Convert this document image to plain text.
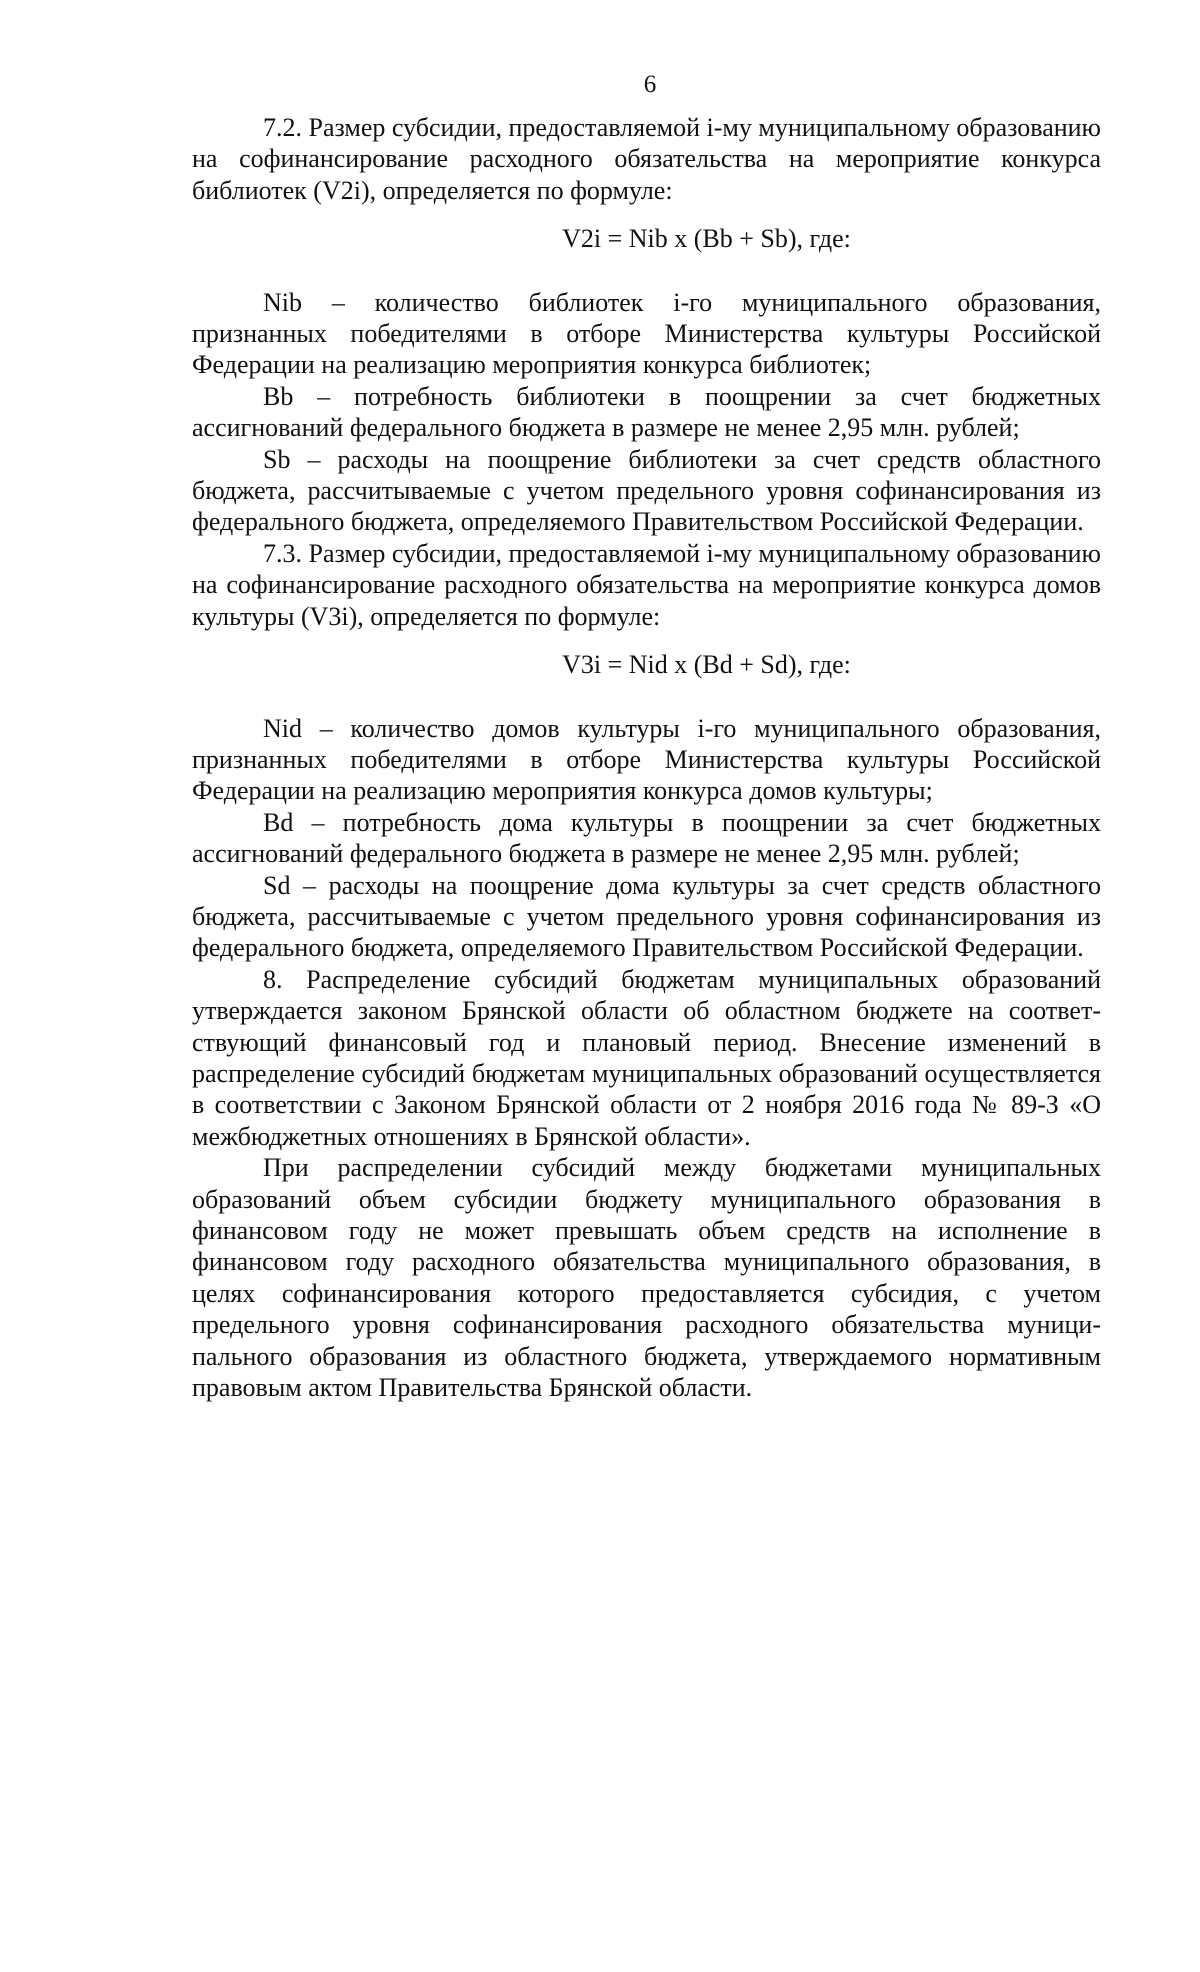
6

7.2. Размер субсидии, предоставляемой i-му муниципальному образованию на софинансирование расходного обязательства на мероприятие конкурса библиотек (V2i), определяется по формуле:

V2i = Nib x (Bb + Sb), где:

Nib – количество библиотек i-го муниципального образования, признанных победителями в отборе Министерства культуры Российской Федерации на реализацию мероприятия конкурса библиотек;

Bb – потребность библиотеки в поощрении за счет бюджетных ассигнований федерального бюджета в размере не менее 2,95 млн. рублей;

Sb – расходы на поощрение библиотеки за счет средств областного бюджета, рассчитываемые с учетом предельного уровня софинансирования из федерального бюджета, определяемого Правительством Российской Федерации.

7.3. Размер субсидии, предоставляемой i-му муниципальному образованию на софинансирование расходного обязательства на мероприятие конкурса домов культуры (V3i), определяется по формуле:

V3i = Nid x (Bd + Sd), где:

Nid – количество домов культуры i-го муниципального образования, признанных победителями в отборе Министерства культуры Российской Федерации на реализацию мероприятия конкурса домов культуры;

Bd – потребность дома культуры в поощрении за счет бюджетных ассигнований федерального бюджета в размере не менее 2,95 млн. рублей;

Sd – расходы на поощрение дома культуры за счет средств областного бюджета, рассчитываемые с учетом предельного уровня софинансирования из федерального бюджета, определяемого Правительством Российской Федерации.

8. Распределение субсидий бюджетам муниципальных образований утверждается законом Брянской области об областном бюджете на соответствующий финансовый год и плановый период. Внесение изменений в распределение субсидий бюджетам муниципальных образований осуществляется в соответствии с Законом Брянской области от 2 ноября 2016 года № 89-З «О межбюджетных отношениях в Брянской области».

При распределении субсидий между бюджетами муниципальных образований объем субсидии бюджету муниципального образования в финансовом году не может превышать объем средств на исполнение в финансовом году расходного обязательства муниципального образования, в целях софинансирования которого предоставляется субсидия, с учетом предельного уровня софинансирования расходного обязательства муниципального образования из областного бюджета, утверждаемого нормативным правовым актом Правительства Брянской области.
